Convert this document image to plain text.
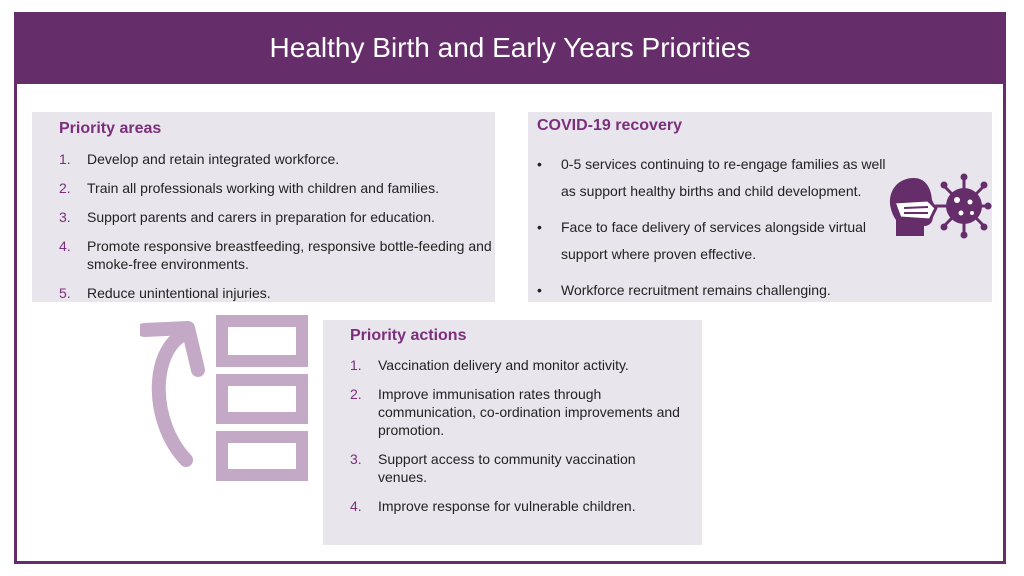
Healthy Birth and Early Years Priorities
Priority areas
1. Develop and retain integrated workforce.
2. Train all professionals working with children and families.
3. Support parents and carers in preparation for education.
4. Promote responsive breastfeeding, responsive bottle-feeding and smoke-free environments.
5. Reduce unintentional injuries.
COVID-19 recovery
• 0-5 services continuing to re-engage families as well as support healthy births and child development.
• Face to face delivery of services alongside virtual support where proven effective.
• Workforce recruitment remains challenging.
Priority actions
1. Vaccination delivery and monitor activity.
2. Improve immunisation rates through communication, co-ordination improvements and promotion.
3. Support access to community vaccination venues.
4. Improve response for vulnerable children.
